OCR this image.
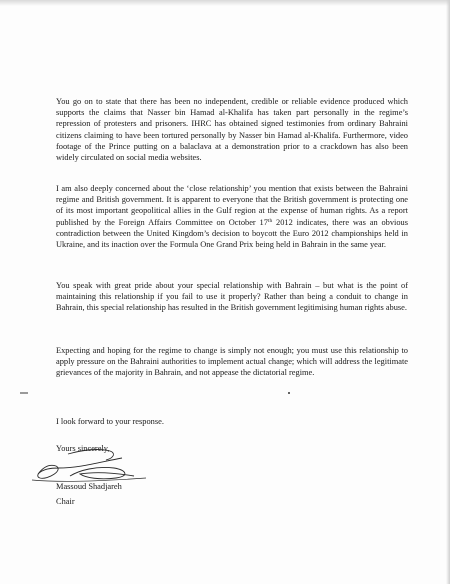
You go on to state that there has been no independent, credible or reliable evidence produced which supports the claims that Nasser bin Hamad al-Khalifa has taken part personally in the regime’s repression of protesters and prisoners. IHRC has obtained signed testimonies from ordinary Bahraini citizens claiming to have been tortured personally by Nasser bin Hamad al-Khalifa. Furthermore, video footage of the Prince putting on a balaclava at a demonstration prior to a crackdown has also been widely circulated on social media websites.

I am also deeply concerned about the ‘close relationship’ you mention that exists between the Bahraini regime and British government. It is apparent to everyone that the British government is protecting one of its most important geopolitical allies in the Gulf region at the expense of human rights. As a report published by the Foreign Affairs Committee on October 17th 2012 indicates, there was an obvious contradiction between the United Kingdom’s decision to boycott the Euro 2012 championships held in Ukraine, and its inaction over the Formula One Grand Prix being held in Bahrain in the same year.

You speak with great pride about your special relationship with Bahrain – but what is the point of maintaining this relationship if you fail to use it properly? Rather than being a conduit to change in Bahrain, this special relationship has resulted in the British government legitimising human rights abuse.

Expecting and hoping for the regime to change is simply not enough; you must use this relationship to apply pressure on the Bahraini authorities to implement actual change; which will address the legitimate grievances of the majority in Bahrain, and not appease the dictatorial regime.

I look forward to your response.

Yours sincerely,

Massoud Shadjareh
Chair
